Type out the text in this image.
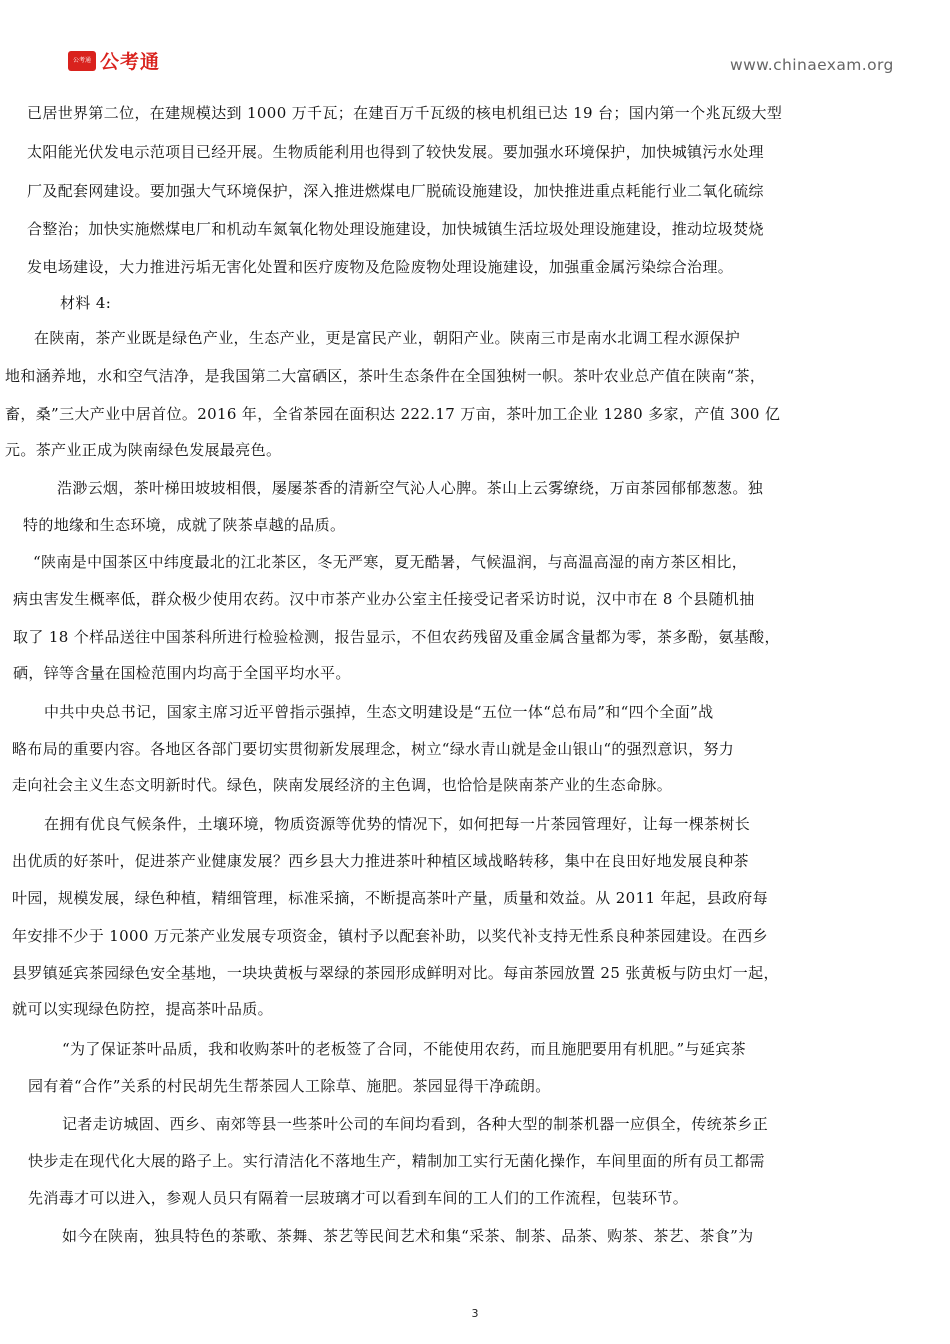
公考通 公考通	www.chinaexam.org
已居世界第二位，在建规模达到 1000 万千瓦；在建百万千瓦级的核电机组已达 19 台；国内第一个兆瓦级大型
太阳能光伏发电示范项目已经开展。生物质能利用也得到了较快发展。要加强水环境保护，加快城镇污水处理
厂及配套网建设。要加强大气环境保护，深入推进燃煤电厂脱硫设施建设，加快推进重点耗能行业二氧化硫综
合整治；加快实施燃煤电厂和机动车氮氧化物处理设施建设，加快城镇生活垃圾处理设施建设，推动垃圾焚烧
发电场建设，大力推进污垢无害化处置和医疗废物及危险废物处理设施建设，加强重金属污染综合治理。
材料 4:
在陕南，茶产业既是绿色产业，生态产业，更是富民产业，朝阳产业。陕南三市是南水北调工程水源保护
地和涵养地，水和空气洁净，是我国第二大富硒区，茶叶生态条件在全国独树一帜。茶叶农业总产值在陕南“茶，
畜，桑”三大产业中居首位。2016 年，全省茶园在面积达 222.17 万亩，茶叶加工企业 1280 多家，产值 300 亿
元。茶产业正成为陕南绿色发展最亮色。
浩渺云烟，茶叶梯田坡坡相偎，屡屡茶香的清新空气沁人心脾。茶山上云雾缭绕，万亩茶园郁郁葱葱。独
特的地缘和生态环境，成就了陕茶卓越的品质。
“陕南是中国茶区中纬度最北的江北茶区，冬无严寒，夏无酷暑，气候温润，与高温高湿的南方茶区相比，
病虫害发生概率低，群众极少使用农药。汉中市茶产业办公室主任接受记者采访时说，汉中市在 8 个县随机抽
取了 18 个样品送往中国茶科所进行检验检测，报告显示，不但农药残留及重金属含量都为零，茶多酚，氨基酸，
硒，锌等含量在国检范围内均高于全国平均水平。
中共中央总书记，国家主席习近平曾指示强掉，生态文明建设是“五位一体“总布局”和“四个全面”战
略布局的重要内容。各地区各部门要切实贯彻新发展理念，树立“绿水青山就是金山银山“的强烈意识，努力
走向社会主义生态文明新时代。绿色，陕南发展经济的主色调，也恰恰是陕南茶产业的生态命脉。
在拥有优良气候条件，土壤环境，物质资源等优势的情况下，如何把每一片茶园管理好，让每一棵茶树长
出优质的好茶叶，促进茶产业健康发展？西乡县大力推进茶叶种植区域战略转移，集中在良田好地发展良种茶
叶园，规模发展，绿色种植，精细管理，标准采摘，不断提高茶叶产量，质量和效益。从 2011 年起，县政府每
年安排不少于 1000 万元茶产业发展专项资金，镇村予以配套补助，以奖代补支持无性系良种茶园建设。在西乡
县罗镇延宾茶园绿色安全基地，一块块黄板与翠绿的茶园形成鲜明对比。每亩茶园放置 25 张黄板与防虫灯一起，
就可以实现绿色防控，提高茶叶品质。
“为了保证茶叶品质，我和收购茶叶的老板签了合同，不能使用农药，而且施肥要用有机肥。”与延宾茶
园有着“合作”关系的村民胡先生帮茶园人工除草、施肥。茶园显得干净疏朗。
记者走访城固、西乡、南郊等县一些茶叶公司的车间均看到，各种大型的制茶机器一应俱全，传统茶乡正
快步走在现代化大展的路子上。实行清洁化不落地生产，精制加工实行无菌化操作，车间里面的所有员工都需
先消毒才可以进入，参观人员只有隔着一层玻璃才可以看到车间的工人们的工作流程，包装环节。
如今在陕南，独具特色的茶歌、茶舞、茶艺等民间艺术和集“采茶、制茶、品茶、购茶、茶艺、茶食”为
3
